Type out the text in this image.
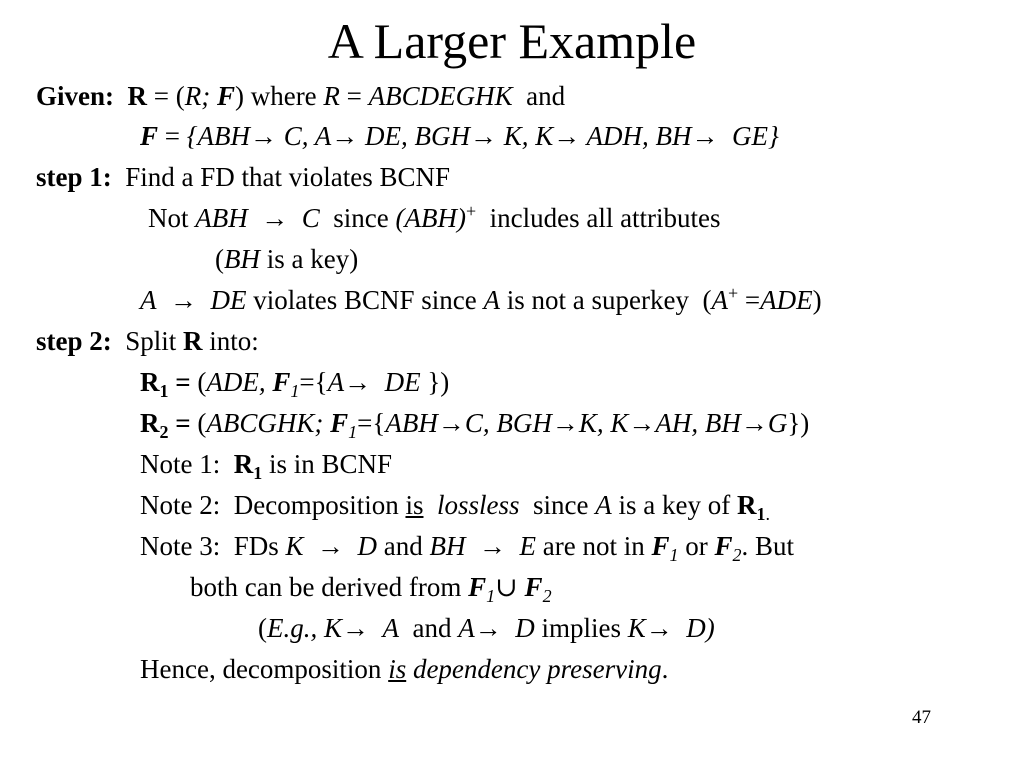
A Larger Example
Given: R = (R; F) where R = ABCDEGHK  and
F = {ABH→ C, A→ DE, BGH→ K, K→ ADH, BH→  GE}
step 1:  Find a FD that violates BCNF
Not ABH  →  C  since (ABH)+  includes all attributes
(BH is a key)
A  →  DE violates BCNF since A is not a superkey  (A+ =ADE)
step 2:  Split R into:
$R_1 = (ADE$, $F_1=\{A\to$  DE })
$R_2$ = (ABCGHK; $F_1=\{ABH\to C$, BGH→K, K→AH, BH→G})
Note 1:  $R_1$ is in BCNF
Note 2:  Decomposition is lossless  since A is a key of $R_{1.}$
Note 3:  FDs K  →  D and BH  →  E are not in $F_1$ or $F_2$. But
both can be derived from $F_1\cup$ $F_2$
(E.g., K→  A  and A→  D implies K→  D)
Hence, decomposition is dependency preserving.
47
